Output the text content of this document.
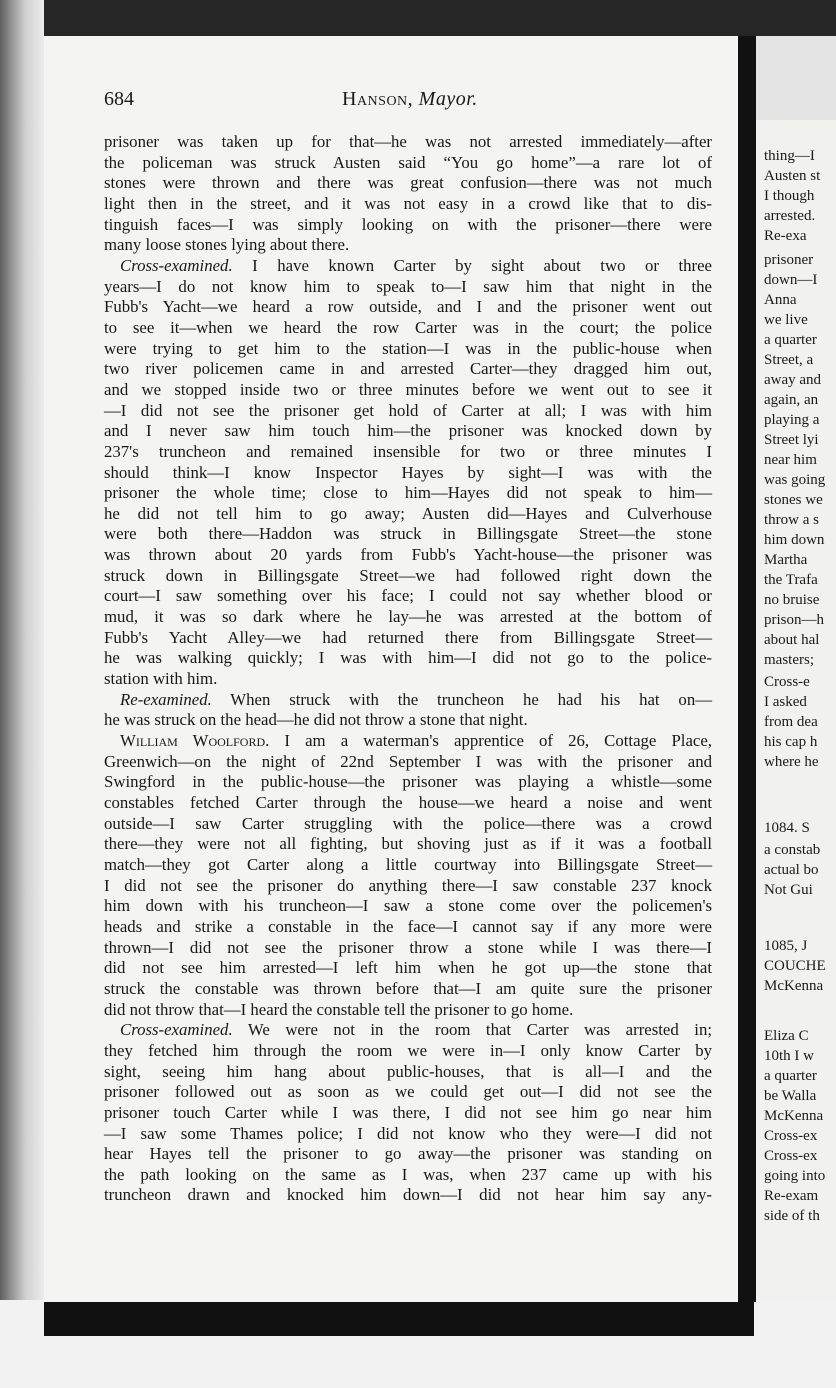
thing—I
Austen st
I though
arrested.
Re-exa
prisoner
down—I
Anna
we live
a quarter
Street, a
away and
again, an
playing a
Street lyi
near him
was going
stones we
throw a s
him down
Martha
the Trafa
no bruise
prison—h
about hal
masters;
Cross-e
I asked
from dea
his cap h
where he
1084. S
a constab
actual bo
Not Gui
1085, J
COUCHE
McKenna
Eliza C
10th I w
a quarter
be Walla
McKenna
Cross-ex
Cross-ex
going into
Re-exam
side of th
684	Hanson, Mayor.
prisoner was taken up for that—he was not arrested immediately—after
the policeman was struck Austen said “You go home”—a rare lot of
stones were thrown and there was great confusion—there was not much
light then in the street, and it was not easy in a crowd like that to dis-
tinguish faces—I was simply looking on with the prisoner—there were
many loose stones lying about there.
Cross-examined. I have known Carter by sight about two or three
years—I do not know him to speak to—I saw him that night in the
Fubb's Yacht—we heard a row outside, and I and the prisoner went out
to see it—when we heard the row Carter was in the court; the police
were trying to get him to the station—I was in the public-house when
two river policemen came in and arrested Carter—they dragged him out,
and we stopped inside two or three minutes before we went out to see it
—I did not see the prisoner get hold of Carter at all; I was with him
and I never saw him touch him—the prisoner was knocked down by
237's truncheon and remained insensible for two or three minutes I
should think—I know Inspector Hayes by sight—I was with the
prisoner the whole time; close to him—Hayes did not speak to him—
he did not tell him to go away; Austen did—Hayes and Culverhouse
were both there—Haddon was struck in Billingsgate Street—the stone
was thrown about 20 yards from Fubb's Yacht-house—the prisoner was
struck down in Billingsgate Street—we had followed right down the
court—I saw something over his face; I could not say whether blood or
mud, it was so dark where he lay—he was arrested at the bottom of
Fubb's Yacht Alley—we had returned there from Billingsgate Street—
he was walking quickly; I was with him—I did not go to the police-
station with him.
Re-examined. When struck with the truncheon he had his hat on—
he was struck on the head—he did not throw a stone that night.
William Woolford. I am a waterman's apprentice of 26, Cottage Place,
Greenwich—on the night of 22nd September I was with the prisoner and
Swingford in the public-house—the prisoner was playing a whistle—some
constables fetched Carter through the house—we heard a noise and went
outside—I saw Carter struggling with the police—there was a crowd
there—they were not all fighting, but shoving just as if it was a football
match—they got Carter along a little courtway into Billingsgate Street—
I did not see the prisoner do anything there—I saw constable 237 knock
him down with his truncheon—I saw a stone come over the policemen's
heads and strike a constable in the face—I cannot say if any more were
thrown—I did not see the prisoner throw a stone while I was there—I
did not see him arrested—I left him when he got up—the stone that
struck the constable was thrown before that—I am quite sure the prisoner
did not throw that—I heard the constable tell the prisoner to go home.
Cross-examined. We were not in the room that Carter was arrested in;
they fetched him through the room we were in—I only know Carter by
sight, seeing him hang about public-houses, that is all—I and the
prisoner followed out as soon as we could get out—I did not see the
prisoner touch Carter while I was there, I did not see him go near him
—I saw some Thames police; I did not know who they were—I did not
hear Hayes tell the prisoner to go away—the prisoner was standing on
the path looking on the same as I was, when 237 came up with his
truncheon drawn and knocked him down—I did not hear him say any-
